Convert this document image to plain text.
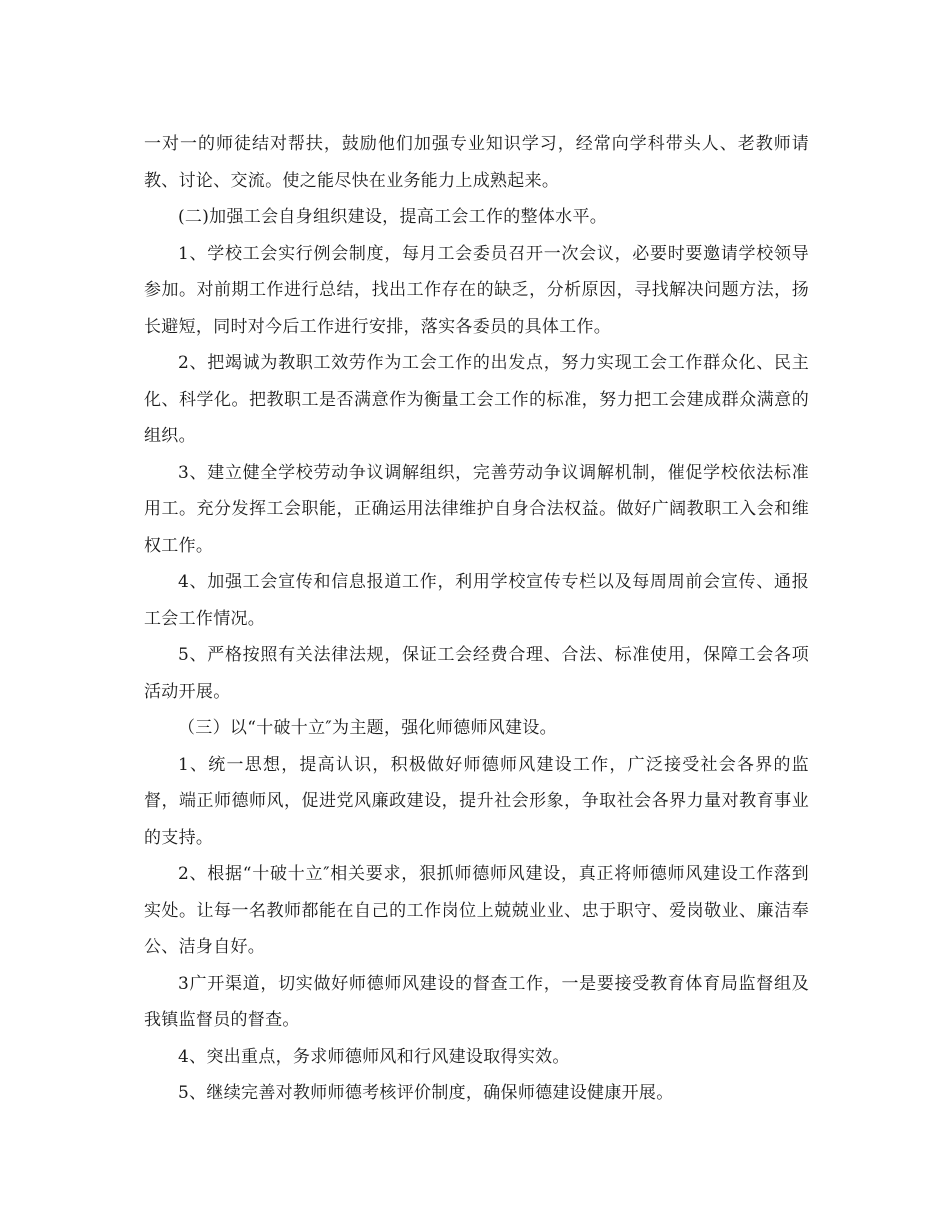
一对一的师徒结对帮扶，鼓励他们加强专业知识学习，经常向学科带头人、老教师请教、讨论、交流。使之能尽快在业务能力上成熟起来。

(二)加强工会自身组织建设，提高工会工作的整体水平。

1、学校工会实行例会制度，每月工会委员召开一次会议，必要时要邀请学校领导参加。对前期工作进行总结，找出工作存在的缺乏，分析原因，寻找解决问题方法，扬长避短，同时对今后工作进行安排，落实各委员的具体工作。

2、把竭诚为教职工效劳作为工会工作的出发点，努力实现工会工作群众化、民主化、科学化。把教职工是否满意作为衡量工会工作的标准，努力把工会建成群众满意的组织。

3、建立健全学校劳动争议调解组织，完善劳动争议调解机制，催促学校依法标准用工。充分发挥工会职能，正确运用法律维护自身合法权益。做好广阔教职工入会和维权工作。

4、加强工会宣传和信息报道工作，利用学校宣传专栏以及每周周前会宣传、通报工会工作情况。

5、严格按照有关法律法规，保证工会经费合理、合法、标准使用，保障工会各项活动开展。

（三）以“十破十立″为主题，强化师德师风建设。

1、统一思想，提高认识，积极做好师德师风建设工作，广泛接受社会各界的监督，端正师德师风，促进党风廉政建设，提升社会形象，争取社会各界力量对教育事业的支持。

2、根据“十破十立″相关要求，狠抓师德师风建设，真正将师德师风建设工作落到实处。让每一名教师都能在自己的工作岗位上兢兢业业、忠于职守、爱岗敬业、廉洁奉公、洁身自好。

3广开渠道，切实做好师德师风建设的督查工作，一是要接受教育体育局监督组及我镇监督员的督查。

4、突出重点，务求师德师风和行风建设取得实效。

5、继续完善对教师师德考核评价制度，确保师德建设健康开展。
